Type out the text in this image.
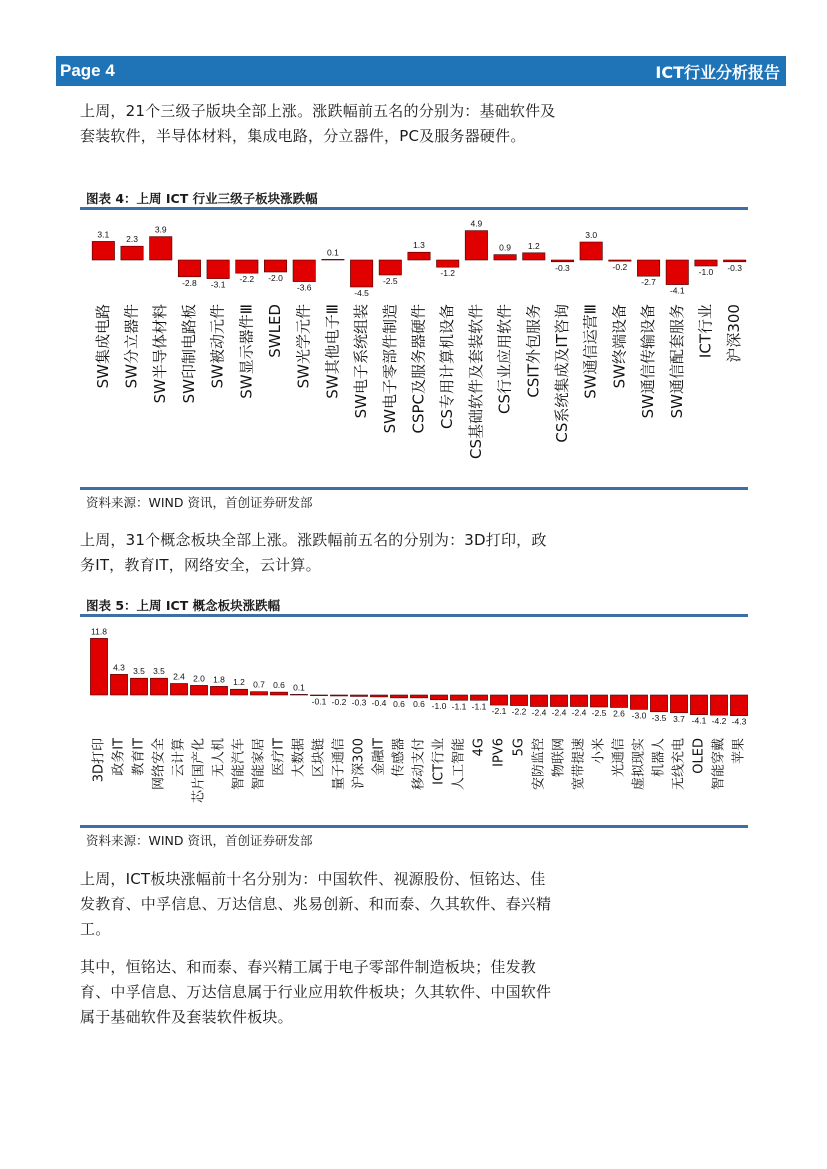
Page 4	ICT行业分析报告

上周，21个三级子版块全部上涨。涨跌幅前五名的分别为：基础软件及套装软件，半导体材料，集成电路，分立器件，PC及服务器硬件。

图表 4：上周 ICT 行业三级子板块涨跌幅
3.1
SW集成电路
2.3
SW分立器件
3.9
SW半导体材料
-2.8
SW印制电路板
-3.1
SW被动元件
-2.2
SW显示器件Ⅲ
-2.0
SWLED
-3.6
SW光学元件
0.1
SW其他电子Ⅲ
-4.5
SW电子系统组装
-2.5
SW电子零部件制造
1.3
CSPC及服务器硬件
-1.2
CS专用计算机设备
4.9
CS基础软件及套装软件
0.9
CS行业应用软件
1.2
CSIT外包服务
-0.3
CS系统集成及IT咨询
3.0
SW通信运营Ⅲ
-0.2
SW终端设备
-2.7
SW通信传输设备
-4.1
SW通信配套服务
-1.0
ICT行业
-0.3
沪深300
资料来源：WIND 资讯，首创证券研发部

上周，31个概念板块全部上涨。涨跌幅前五名的分别为：3D打印，政务IT，教育IT，网络安全，云计算。

图表 5：上周 ICT 概念板块涨跌幅
11.8
3D打印
4.3
政务IT
3.5
教育IT
3.5
网络安全
2.4
云计算
2.0
芯片国产化
1.8
无人机
1.2
智能汽车
0.7
智能家居
0.6
医疗IT
0.1
大数据
-0.1
区块链
-0.2
量子通信
-0.3
沪深300
-0.4
金融IT
0.6
传感器
0.6
移动支付
-1.0
ICT行业
-1.1
人工智能
-1.1
4G
-2.1
IPV6
-2.2
5G
-2.4
安防监控
-2.4
物联网
-2.4
宽带提速
-2.5
小米
2.6
光通信
-3.0
虚拟现实
-3.5
机器人
3.7
无线充电
-4.1
OLED
-4.2
智能穿戴
-4.3
苹果
资料来源：WIND 资讯，首创证券研发部

上周，ICT板块涨幅前十名分别为：中国软件、视源股份、恒铭达、佳发教育、中孚信息、万达信息、兆易创新、和而泰、久其软件、春兴精工。

其中，恒铭达、和而泰、春兴精工属于电子零部件制造板块；佳发教育、中孚信息、万达信息属于行业应用软件板块；久其软件、中国软件属于基础软件及套装软件板块。
